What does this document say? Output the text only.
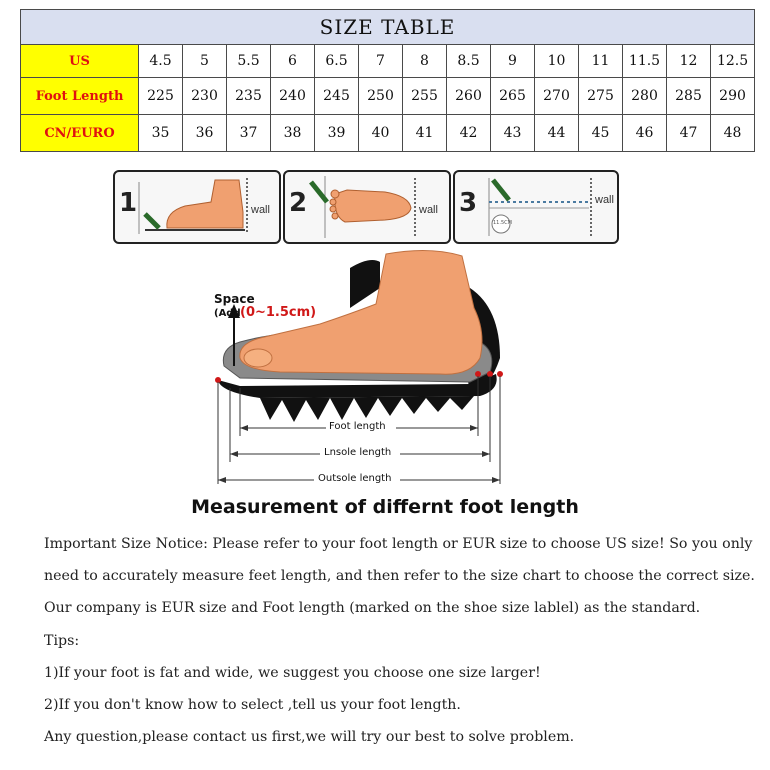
SIZE TABLE														
US	4.5	5	5.5	6	6.5	7	8	8.5	9	10	11	11.5	12	12.5
Foot Length	225	230	235	240	245	250	255	260	265	270	275	280	285	290
CN/EURO	35	36	37	38	39	40	41	42	43	44	45	46	47	48
1	wall 2	wall 3
11.5CM
wall
Space
(Add (0~1.5cm)
Foot length
Lnsole length
Outsole length
Measurement of differnt foot length

Important Size Notice: Please refer to your foot length or EUR size to choose US size! So you only

need to accurately measure feet length, and then refer to the size chart to choose the correct size.

Our company is EUR size and Foot length (marked on the shoe size lablel) as the standard.

Tips:

1)If your foot is fat and wide, we suggest you choose one size larger!

2)If you don't know how to select ,tell us your foot length.

Any question,please contact us first,we will try our best to solve problem.
